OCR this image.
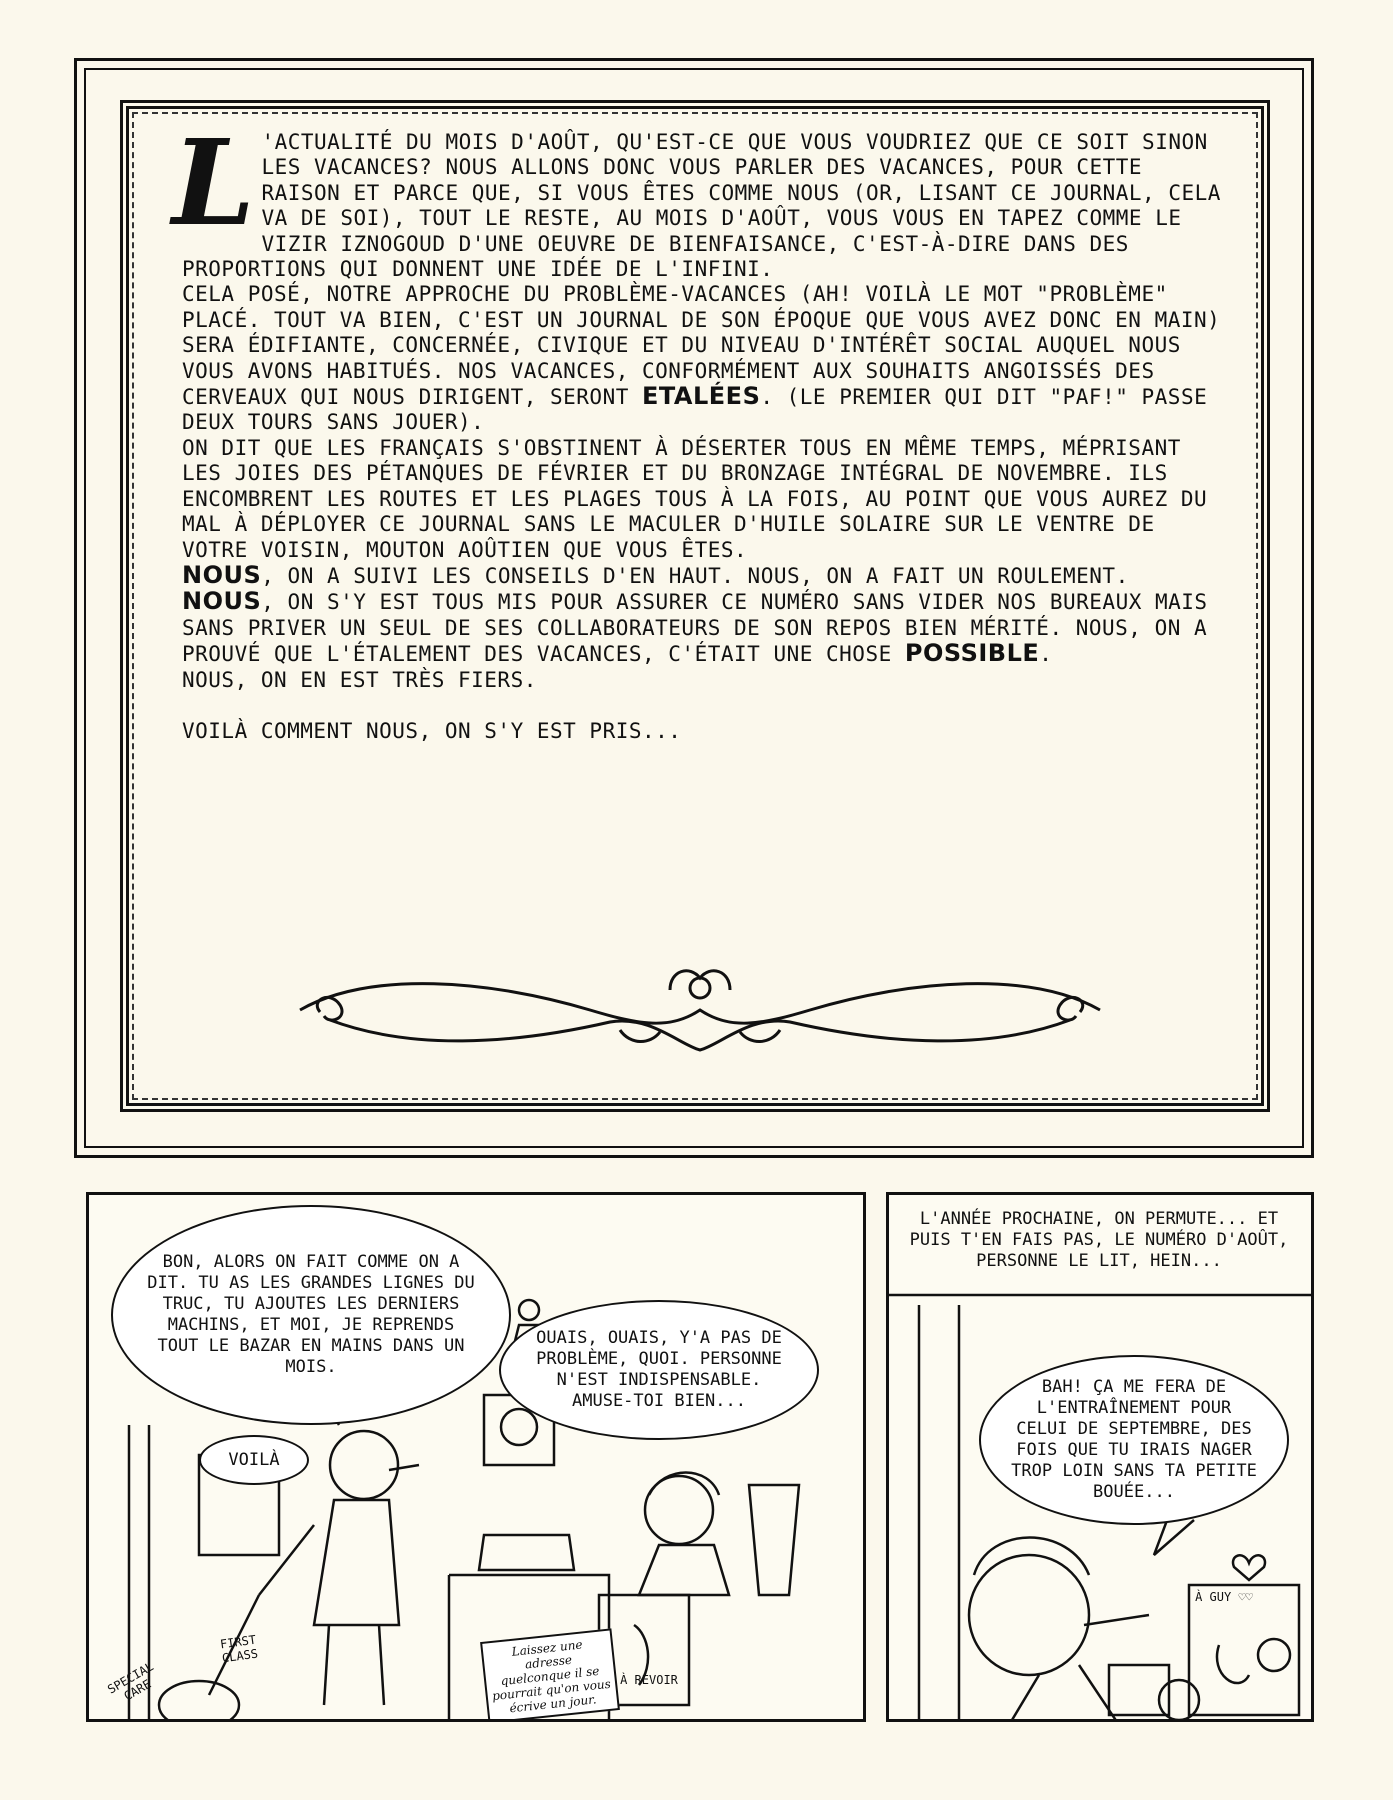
L 'ACTUALITÉ DU MOIS D'AOÛT, QU'EST-CE QUE VOUS VOUDRIEZ QUE CE SOIT SINON LES VACANCES? NOUS ALLONS DONC VOUS PARLER DES VACANCES, POUR CETTE RAISON ET PARCE QUE, SI VOUS ÊTES COMME NOUS (OR, LISANT CE JOURNAL, CELA VA DE SOI), TOUT LE RESTE, AU MOIS D'AOÛT, VOUS VOUS EN TAPEZ COMME LE VIZIR IZNOGOUD D'UNE OEUVRE DE BIENFAISANCE, C'EST-À-DIRE DANS DES PROPORTIONS QUI DONNENT UNE IDÉE DE L'INFINI.

CELA POSÉ, NOTRE APPROCHE DU PROBLÈME-VACANCES (AH! VOILÀ LE MOT "PROBLÈME" PLACÉ. TOUT VA BIEN, C'EST UN JOURNAL DE SON ÉPOQUE QUE VOUS AVEZ DONC EN MAIN) SERA ÉDIFIANTE, CONCERNÉE, CIVIQUE ET DU NIVEAU D'INTÉRÊT SOCIAL AUQUEL NOUS VOUS AVONS HABITUÉS. NOS VACANCES, CONFORMÉMENT AUX SOUHAITS ANGOISSÉS DES CERVEAUX QUI NOUS DIRIGENT, SERONT ETALÉES. (LE PREMIER QUI DIT "PAF!" PASSE DEUX TOURS SANS JOUER).

ON DIT QUE LES FRANÇAIS S'OBSTINENT À DÉSERTER TOUS EN MÊME TEMPS, MÉPRISANT LES JOIES DES PÉTANQUES DE FÉVRIER ET DU BRONZAGE INTÉGRAL DE NOVEMBRE. ILS ENCOMBRENT LES ROUTES ET LES PLAGES TOUS À LA FOIS, AU POINT QUE VOUS AUREZ DU MAL À DÉPLOYER CE JOURNAL SANS LE MACULER D'HUILE SOLAIRE SUR LE VENTRE DE VOTRE VOISIN, MOUTON AOÛTIEN QUE VOUS ÊTES.

NOUS, ON A SUIVI LES CONSEILS D'EN HAUT. NOUS, ON A FAIT UN ROULEMENT. NOUS, ON S'Y EST TOUS MIS POUR ASSURER CE NUMÉRO SANS VIDER NOS BUREAUX MAIS SANS PRIVER UN SEUL DE SES COLLABORATEURS DE SON REPOS BIEN MÉRITÉ. NOUS, ON A PROUVÉ QUE L'ÉTALEMENT DES VACANCES, C'ÉTAIT UNE CHOSE POSSIBLE.

NOUS, ON EN EST TRÈS FIERS.

VOILÀ COMMENT NOUS, ON S'Y EST PRIS...

BON, ALORS ON FAIT COMME ON A DIT. TU AS LES GRANDES LIGNES DU TRUC, TU AJOUTES LES DERNIERS MACHINS, ET MOI, JE REPRENDS TOUT LE BAZAR EN MAINS DANS UN MOIS.
OUAIS, OUAIS, Y'A PAS DE PROBLÈME, QUOI. PERSONNE N'EST INDISPENSABLE. AMUSE-TOI BIEN...
VOILÀ
FIRST CLASS
SPECIAL CARE
Laissez une adresse quelconque il se pourrait qu'on vous écrive un jour.
À REVOIR
L'ANNÉE PROCHAINE, ON PERMUTE... ET PUIS T'EN FAIS PAS, LE NUMÉRO D'AOÛT, PERSONNE LE LIT, HEIN...
BAH! ÇA ME FERA DE L'ENTRAÎNEMENT POUR CELUI DE SEPTEMBRE, DES FOIS QUE TU IRAIS NAGER TROP LOIN SANS TA PETITE BOUÉE...
À GUY ♡♡
